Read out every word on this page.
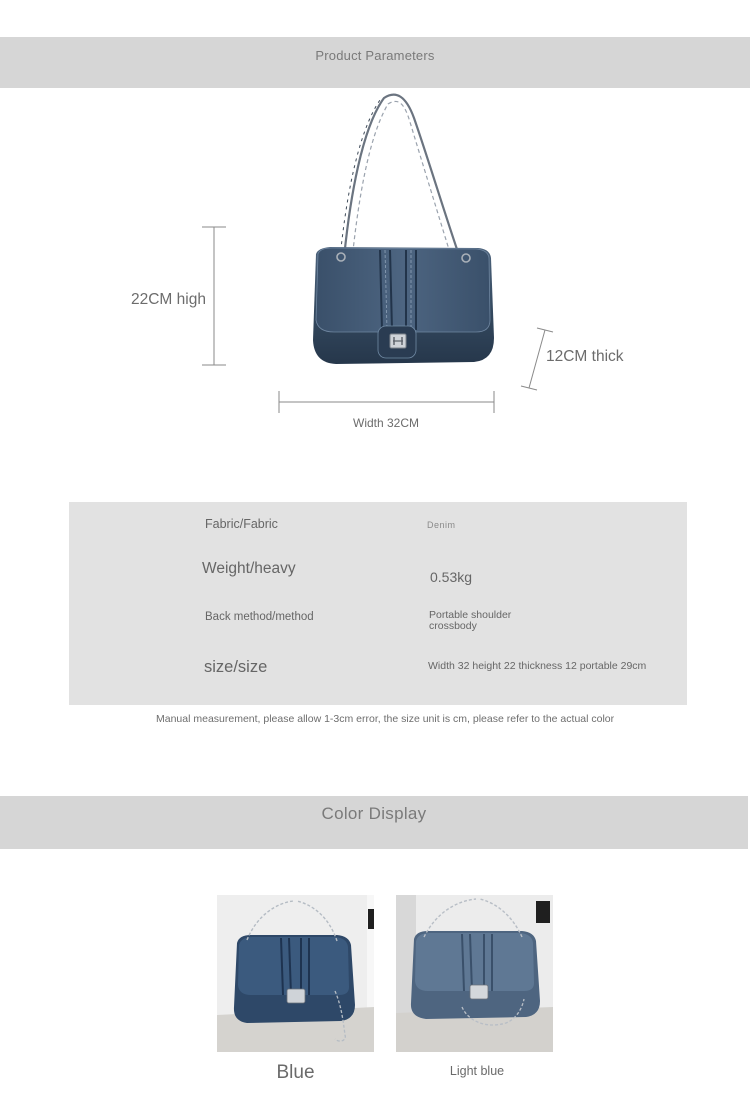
Product Parameters
22CM high
12CM thick
Width 32CM
Fabric/Fabric	Denim
Weight/heavy	0.53kg
Back method/method	Portable shoulder
crossbody
size/size	Width 32 height 22 thickness 12 portable 29cm
Manual measurement, please allow 1-3cm error, the size unit is cm, please refer to the actual color
Color Display
Blue	Light blue
